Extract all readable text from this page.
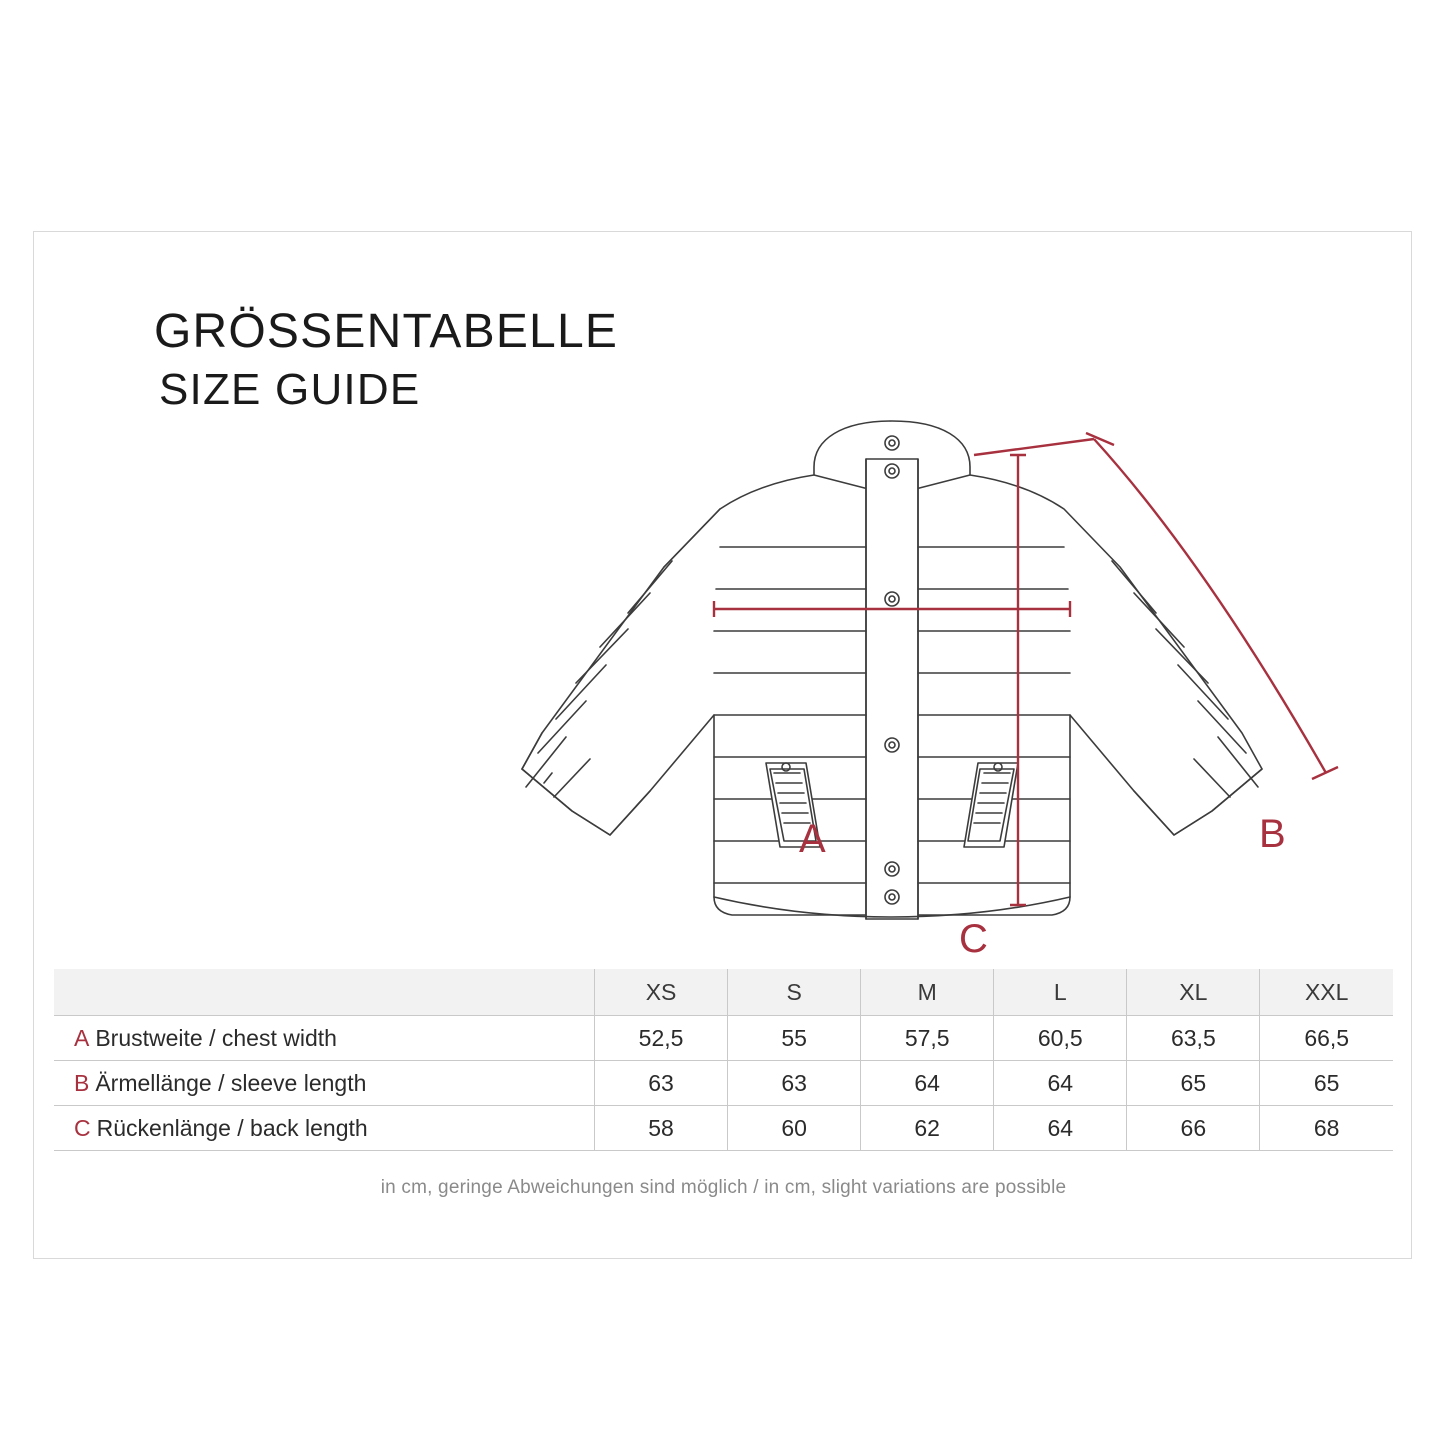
GRÖSSENTABELLE
SIZE GUIDE
A	B
C
	XS	S	M	L	XL	XXL
A Brustweite / chest width	52,5	55	57,5	60,5	63,5	66,5
B Ärmellänge / sleeve length	63	63	64	64	65	65
C Rückenlänge / back length	58	60	62	64	66	68
in cm, geringe Abweichungen sind möglich / in cm, slight variations are possible
